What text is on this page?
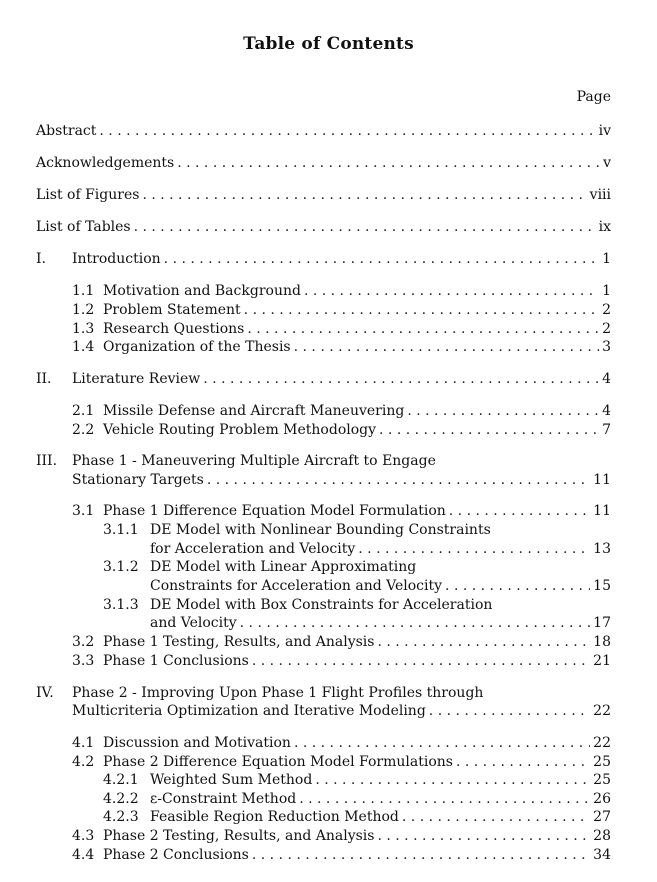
Table of Contents
Page
Abstract . . .	iv
Acknowledgements . . .	v
List of Figures . . .	viii
List of Tables . . .	ix
I. Introduction . . .	1
1.1 Motivation and Background . . .	1
1.2 Problem Statement . . .	2
1.3 Research Questions . . .	2
1.4 Organization of the Thesis . . .	3
II. Literature Review . . .	4
2.1 Missile Defense and Aircraft Maneuvering . . .	4
2.2 Vehicle Routing Problem Methodology . . .	7
III. Phase 1 - Maneuvering Multiple Aircraft to Engage
Stationary Targets . . .	11
3.1 Phase 1 Difference Equation Model Formulation . . .	11
3.1.1 DE Model with Nonlinear Bounding Constraints
for Acceleration and Velocity . . .	13
3.1.2 DE Model with Linear Approximating
Constraints for Acceleration and Velocity . . .	15
3.1.3 DE Model with Box Constraints for Acceleration
and Velocity . . .	17
3.2 Phase 1 Testing, Results, and Analysis . . .	18
3.3 Phase 1 Conclusions . . .	21
IV. Phase 2 - Improving Upon Phase 1 Flight Profiles through
Multicriteria Optimization and Iterative Modeling . . .	22
4.1 Discussion and Motivation . . .	22
4.2 Phase 2 Difference Equation Model Formulations . . .	25
4.2.1 Weighted Sum Method . . .	25
4.2.2 ε-Constraint Method . . .	26
4.2.3 Feasible Region Reduction Method . . .	27
4.3 Phase 2 Testing, Results, and Analysis . . .	28
4.4 Phase 2 Conclusions . . .	34
